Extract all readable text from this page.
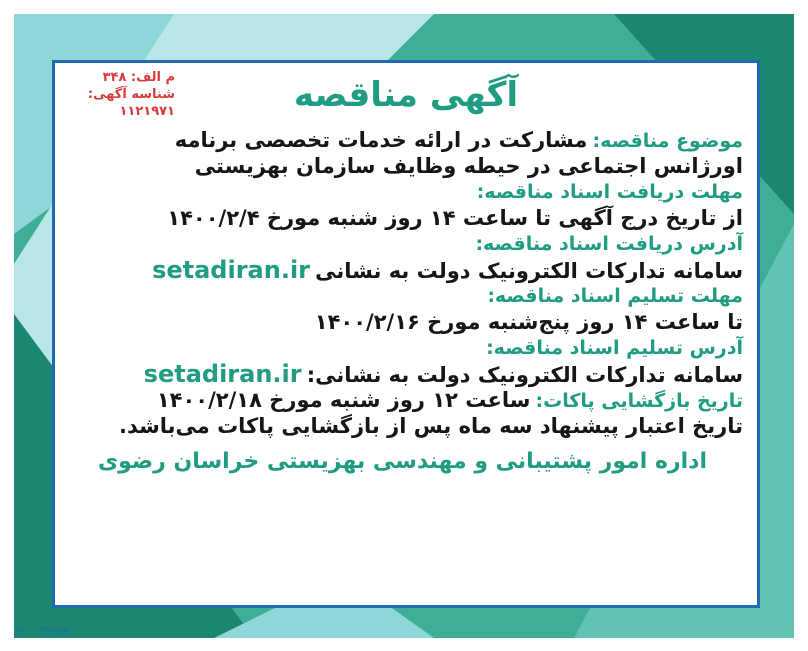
م الف: ۳۴۸
شناسه آگهی:
۱۱۲۱۹۷۱	آگهی مناقصه
موضوع مناقصه: مشارکت در ارائه خدمات تخصصی برنامه
اورژانس اجتماعی در حیطه وظایف سازمان بهزیستی
مهلت دریافت اسناد مناقصه:
از تاریخ درج آگهی تا ساعت ۱۴ روز شنبه مورخ ۱۴۰۰/۲/۴
آدرس دریافت اسناد مناقصه:
سامانه تدارکات الکترونیک دولت به نشانی setadiran.ir
مهلت تسلیم اسناد مناقصه:
تا ساعت ۱۴ روز پنج‌شنبه مورخ ۱۴۰۰/۲/۱۶
آدرس تسلیم اسناد مناقصه:
سامانه تدارکات الکترونیک دولت به نشانی: setadiran.ir
تاریخ بازگشایی پاکات: ساعت ۱۲ روز شنبه مورخ ۱۴۰۰/۲/۱۸
تاریخ اعتبار پیشنهاد سه ماه پس از بازگشایی پاکات می‌باشد.
اداره امور پشتیبانی و مهندسی بهزیستی خراسان رضوی
م/۱۴۰۰۰۲۹۹۷
